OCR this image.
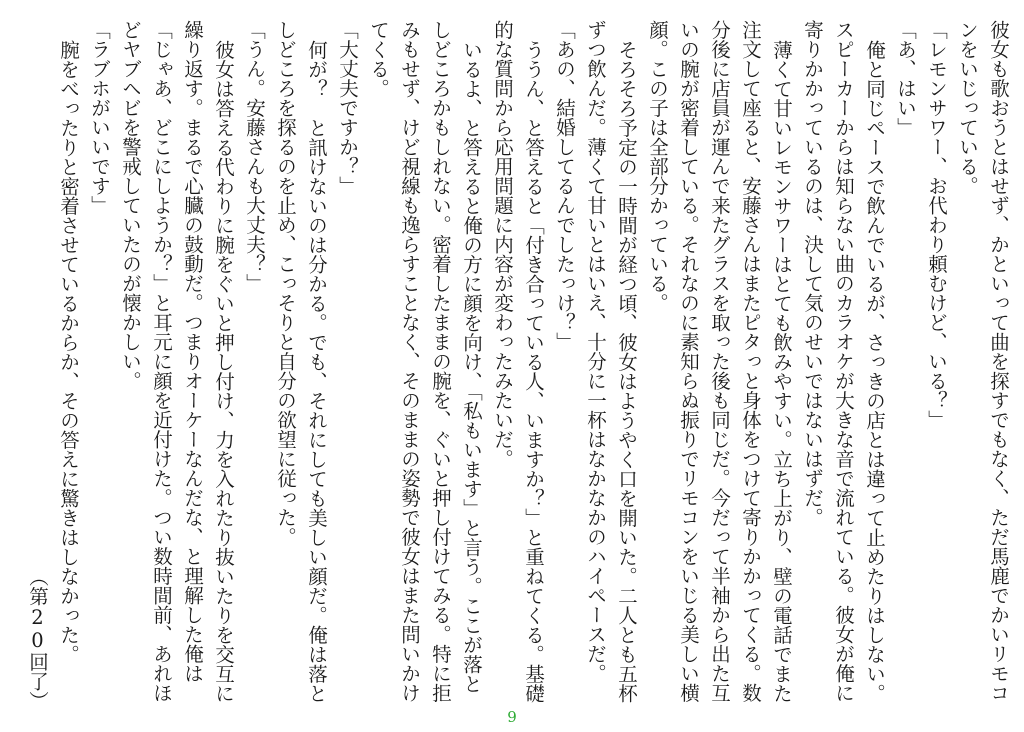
彼女も歌おうとはせず、かといって曲を探すでもなく、ただ馬鹿でかいリモコンをいじっている。

「レモンサワー、お代わり頼むけど、いる？」

「あ、はい」

俺と同じペースで飲んでいるが、さっきの店とは違って止めたりはしない。スピーカーからは知らない曲のカラオケが大きな音で流れている。彼女が俺に寄りかかっているのは、決して気のせいではないはずだ。

薄くて甘いレモンサワーはとても飲みやすい。立ち上がり、壁の電話でまた注文して座ると、安藤さんはまたピタっと身体をつけて寄りかかってくる。数分後に店員が運んで来たグラスを取った後も同じだ。今だって半袖から出た互いの腕が密着している。それなのに素知らぬ振りでリモコンをいじる美しい横顔。この子は全部分かっている。

そろそろ予定の一時間が経つ頃、彼女はようやく口を開いた。二人とも五杯ずつ飲んだ。薄くて甘いとはいえ、十分に一杯はなかなかのハイペースだ。

「あの、結婚してるんでしたっけ？」

ううん、と答えると「付き合っている人、いますか？」と重ねてくる。基礎的な質問から応用問題に内容が変わったみたいだ。

いるよ、と答えると俺の方に顔を向け、「私もいます」と言う。ここが落としどころかもしれない。密着したままの腕を、ぐいと押し付けてみる。特に拒みもせず、けど視線も逸らすことなく、そのままの姿勢で彼女はまた問いかけてくる。

「大丈夫ですか？」

何が？　と訊けないのは分かる。でも、それにしても美しい顔だ。俺は落としどころを探るのを止め、こっそりと自分の欲望に従った。

「うん。安藤さんも大丈夫？」

彼女は答える代わりに腕をぐいと押し付け、力を入れたり抜いたりを交互に繰り返す。まるで心臓の鼓動だ。つまりオーケーなんだな、と理解した俺は「じゃあ、どこにしようか？」と耳元に顔を近付けた。つい数時間前、あれほどヤブヘビを警戒していたのが懐かしい。

「ラブホがいいです」

腕をべったりと密着させているからか、その答えに驚きはしなかった。

（第20回了）

9
